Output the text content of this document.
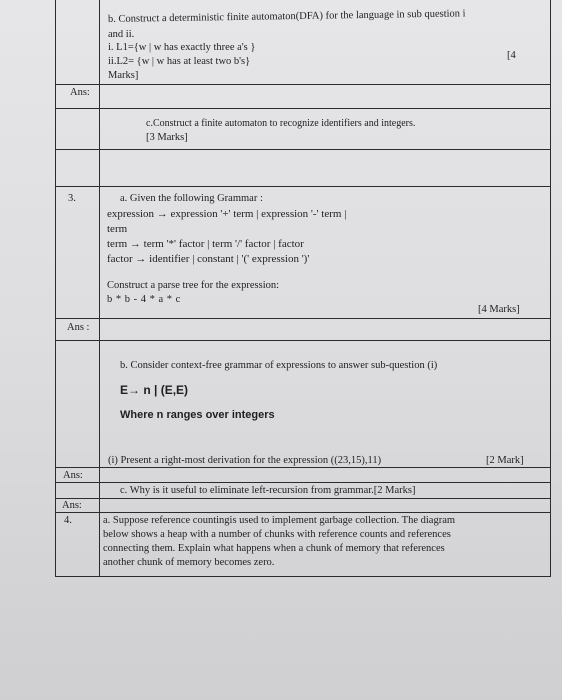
b. Construct a deterministic finite automaton(DFA) for the language in sub question i
and ii.
i. L1={w | w has exactly three a's }
ii.L2= {w | w has at least two b's}
Marks]
[4
Ans:
c.Construct a finite automaton to recognize identifiers and integers.
[3 Marks]
3.	a. Given the following Grammar :
expression → expression '+' term | expression '-' term |
term
term → term '*' factor | term '/' factor | factor
factor → identifier | constant | '(' expression ')'
Construct a parse tree for the expression:
b * b - 4 * a * c
[4 Marks]
Ans :
b. Consider context-free grammar of expressions to answer sub-question (i)
E→ n | (E,E)
Where n ranges over integers
(i) Present a right-most derivation for the expression ((23,15),11)	[2 Mark]
Ans:
c. Why is it useful to eliminate left-recursion from grammar.[2 Marks]
Ans:
4.	a. Suppose reference countingis used to implement garbage collection. The diagram
below shows a heap with a number of chunks with reference counts and references
connecting them. Explain what happens when a chunk of memory that references
another chunk of memory becomes zero.
